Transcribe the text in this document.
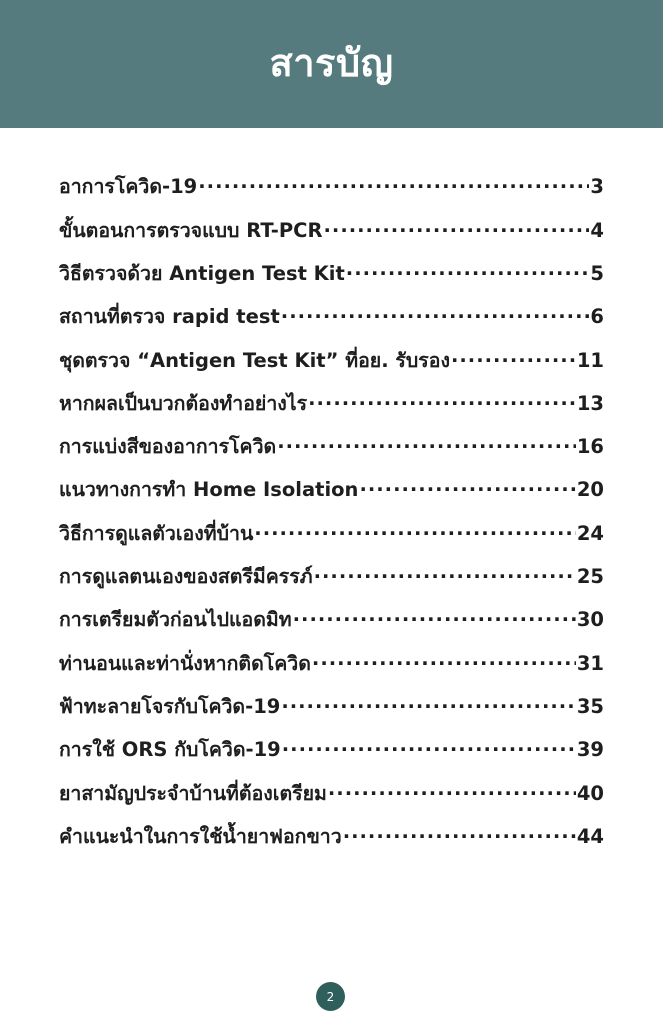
สารบัญ
อาการโควิด-19 .....	3
ขั้นตอนการตรวจแบบ RT-PCR .....	4
วิธีตรวจด้วย Antigen Test Kit .....	5
สถานที่ตรวจ rapid test .....	6
ชุดตรวจ “Antigen Test Kit” ที่อย. รับรอง .....	11
หากผลเป็นบวกต้องทำอย่างไร .....	13
การแบ่งสีของอาการโควิด .....	16
แนวทางการทำ Home Isolation .....	20
วิธีการดูแลตัวเองที่บ้าน .....	24
การดูแลตนเองของสตรีมีครรภ์ .....	25
การเตรียมตัวก่อนไปแอดมิท .....	30
ท่านอนและท่านั่งหากติดโควิด .....	31
ฟ้าทะลายโจรกับโควิด-19 .....	35
การใช้ ORS กับโควิด-19 .....	39
ยาสามัญประจำบ้านที่ต้องเตรียม .....	40
คำแนะนำในการใช้น้ำยาฟอกขาว .....	44
2
